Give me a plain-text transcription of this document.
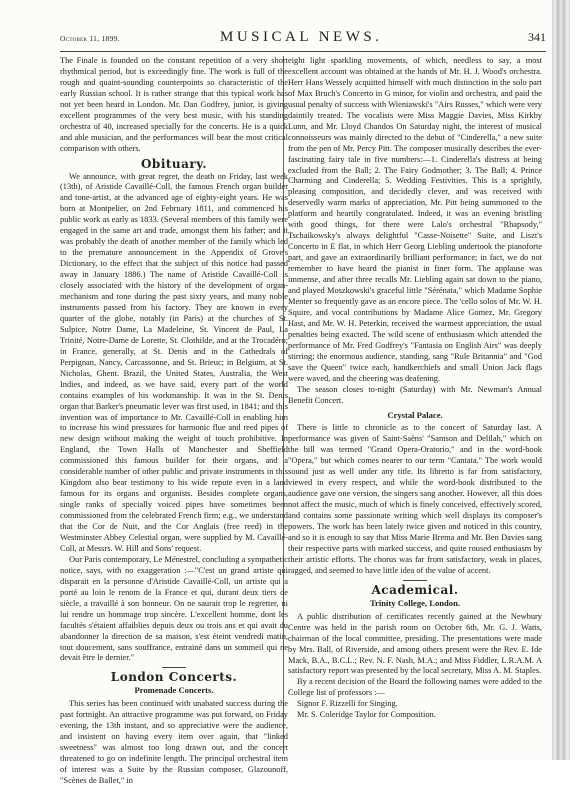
October 11, 1899.	MUSICAL NEWS.	341

The Finale is founded on the constant repetition of a very short rhythmical period, but is exceedingly fine. The work is full of the rough and quaint-sounding counterpoints so characteristic of the early Russian school. It is rather strange that this typical work has not yet been heard in London. Mr. Dan Godfrey, junior, is giving excellent programmes of the very best music, with his standing orchestra of 40, increased specially for the concerts. He is a quick and able musician, and the performances will bear the most critical comparison with others.

Obituary.

We announce, with great regret, the death on Friday, last week (13th), of Aristide Cavaillé-Coll, the famous French organ builder and tone-artist, at the advanced age of eighty-eight years. He was born at Montpelier, on 2nd February 1811, and commenced his public work as early as 1833. (Several members of this family were engaged in the same art and trade, amongst them his father; and it was probably the death of another member of the family which led to the premature announcement in the Appendix of Grove's Dictionary, to the effect that the subject of this notice had passed away in January 1886.) The name of Aristide Cavaillé-Coll is closely associated with the history of the development of organ-mechanism and tone during the past sixty years, and many noble instruments passed from his factory. They are known in every quarter of the globe, notably (in Paris) at the churches of St. Sulpice, Notre Dame, La Madeleine, St. Vincent de Paul, La Trinité, Notre-Dame de Lorette, St. Clothilde, and at the Trocadéro; in France, generally, at St. Denis and in the Cathedrals of Perpignan, Nancy, Carcassonne, and St. Brieuc; in Belgium, at St. Nicholas, Ghent. Brazil, the United States, Australia, the West Indies, and indeed, as we have said, every part of the world contains examples of his workmanship. It was in the St. Denis organ that Barker's pneumatic lever was first used, in 1841; and this invention was of importance to Mr. Cavaillé-Coll in enabling him to increase his wind pressures for harmonic flue and reed pipes of new design without making the weight of touch prohibitive. In England, the Town Halls of Manchester and Sheffield commissioned this famous builder for their organs, and a considerable number of other public and private instruments in this Kingdom also bear testimony to his wide repute even in a land famous for its organs and organists. Besides complete organs, single ranks of specially voiced pipes have sometimes been commissioned from the celebrated French firm; e.g., we understand that the Cor de Nuit, and the Cor Anglais (free reed) in the Westminster Abbey Celestial organ, were supplied by M. Cavaillé-Coll, at Messrs. W. Hill and Sons' request.

Our Paris contemporary, Le Ménestrel, concluding a sympathetic notice, says, with no exaggeration :—"C'est un grand artiste qui disparait en la personne d'Aristide Cavaillé-Coll, un artiste qui a porté au loin le renom de la France et qui, durant deux tiers de siècle, a travaillé à son honneur. On ne saurait trop le regretter, ni lui rendre un hommage trop sincère. L'excellent homme, dont les facultés s'étaient affaiblies depuis deux ou trois ans et qui avait du abandonner la direction de sa maison, s'est éteint vendredi matin, tout doucement, sans souffrance, entrainé dans un sommeil qui ne devait être le dernier."

London Concerts.
Promenade Concerts.

This series has been continued with unabated success during the past fortnight. An attractive programme was put forward, on Friday evening, the 13th instant, and so appreciative were the audience, and insistent on having every item over again, that "linked sweetness" was almost too long drawn out, and the concert threatened to go on indefinite length. The principal orchestral item of interest was a Suite by the Russian composer, Glazounoff, "Scènes de Ballet," in

eight light sparkling movements, of which, needless to say, a most excellent account was obtained at the hands of Mr. H. J. Wood's orchestra. Herr Hans Wessely acquitted himself with much distinction in the solo part of Max Bruch's Concerto in G minor, for violin and orchestra, and paid the usual penalty of success with Wieniawski's "Airs Russes," which were very daintily treated. The vocalists were Miss Maggie Davies, Miss Kirkby Lunn, and Mr. Lloyd Chandos On Saturday night, the interest of musical connoisseurs was mainly directed to the debut of "Cinderella," a new suite from the pen of Mr. Percy Pitt. The composer musically describes the ever-fascinating fairy tale in five numbers:—1. Cinderella's distress at being excluded from the Ball; 2. The Fairy Godmother; 3. The Ball; 4. Prince Charming and Cinderella; 5. Wedding Festivities. This is a sprightly, pleasing composition, and decidedly clever, and was received with deservedly warm marks of appreciation, Mr. Pitt being summoned to the platform and heartily congratulated. Indeed, it was an evening bristling with good things, for there were Lalo's orchestral "Rhapsody," Tschaikowsky's always delightful "Casse-Noisette" Suite, and Liszt's Concerto in E flat, in which Herr Georg Liebling undertook the pianoforte part, and gave an extraordinarily brilliant performance; in fact, we do not remember to have heard the pianist in finer form. The applause was immense, and after three recalls Mr. Liebling again sat down to the piano, and played Moszkowski's graceful little "Sérénata," which Madame Sophie Menter so frequently gave as an encore piece. The 'cello solos of Mr. W. H. Squire, and vocal contributions by Madame Alice Gomez, Mr. Gregory Hast, and Mr. W. H. Peterkin, received the warmest appreciation, the usual penalties being exacted. The wild scene of enthusiasm which attended the performance of Mr. Fred Godfrey's "Fantasia on English Airs" was deeply stirring; the enormous audience, standing, sang "Rule Britannia" and "God save the Queen" twice each, handkerchiefs and small Union Jack flags were waved, and the cheering was deafening.

The season closes to-night (Saturday) with Mr. Newman's Annual Benefit Concert.

Crystal Palace.

There is little to chronicle as to the concert of Saturday last. A performance was given of Saint-Saëns' "Samson and Delilah," which on the bill was termed "Grand Opera-Oratorio," and in the word-book "Opera," but which comes nearer to our term "Cantata." The work would sound just as well under any title. Its libretto is far from satisfactory, viewed in every respect, and while the word-book distributed to the audience gave one version, the singers sang another. However, all this does not affect the music, much of which is finely conceived, effectively scored, and contains some passionate writing which well displays its composer's powers. The work has been lately twice given and noticed in this country, and so it is enough to say that Miss Marie Brema and Mr. Ben Davies sang their respective parts with marked success, and quite roused enthusiasm by their artistic efforts. The chorus was far from satisfactory, weak in places, ragged, and seemed to have little idea of the value of accent.

Academical.
Trinity College, London.

A public distribution of certificates recently gained at the Newbury Centre was held in the parish room on October 6th, Mr. G. J. Watts, chairman of the local committee, presiding. The presentations were made by Mrs. Ball, of Riverside, and among others present were the Rev. E. Ide Mack, B.A., B.C.L.; Rev. N. F. Nash, M.A.; and Miss Fiddler, L.R.A.M. A satisfactory report was presented by the local secretary, Miss A. M. Staples.

By a recent decision of the Board the following names were added to the College list of professors :—

Signor F. Rizzelli for Singing.
Mr. S. Coleridge Taylor for Composition.
